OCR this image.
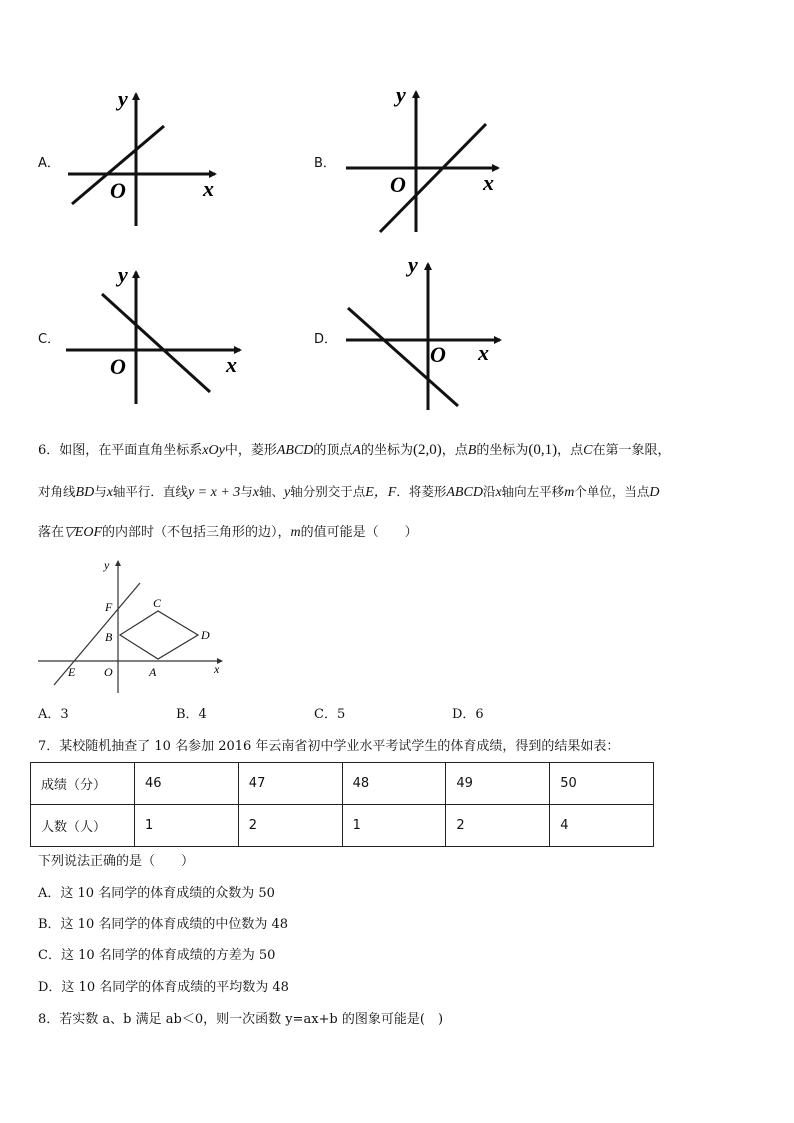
A．
y
x
O
B．
y
x
O
C．
y
x
O
D．
y
x
O
6．如图，在平面直角坐标系xOy中，菱形ABCD的顶点A的坐标为(2,0)，点B的坐标为(0,1)，点C在第一象限，
对角线BD与x轴平行．直线y = x + 3与x轴、y轴分别交于点E，F．将菱形ABCD沿x轴向左平移m个单位，当点D
落在▽EOF的内部时（不包括三角形的边），m的值可能是（　　）
y
x
F	C
B	D
E O	A
A．3	B．4	C．5	D．6
7．某校随机抽查了 10 名参加 2016 年云南省初中学业水平考试学生的体育成绩，得到的结果如表：
成绩（分）	46	47	48	49	50
人数（人）	1	2	1	2	4
下列说法正确的是（　　）
A．这 10 名同学的体育成绩的众数为 50
B．这 10 名同学的体育成绩的中位数为 48
C．这 10 名同学的体育成绩的方差为 50
D．这 10 名同学的体育成绩的平均数为 48
8．若实数 a、b 满足 ab＜0，则一次函数 y=ax+b 的图象可能是(　)
